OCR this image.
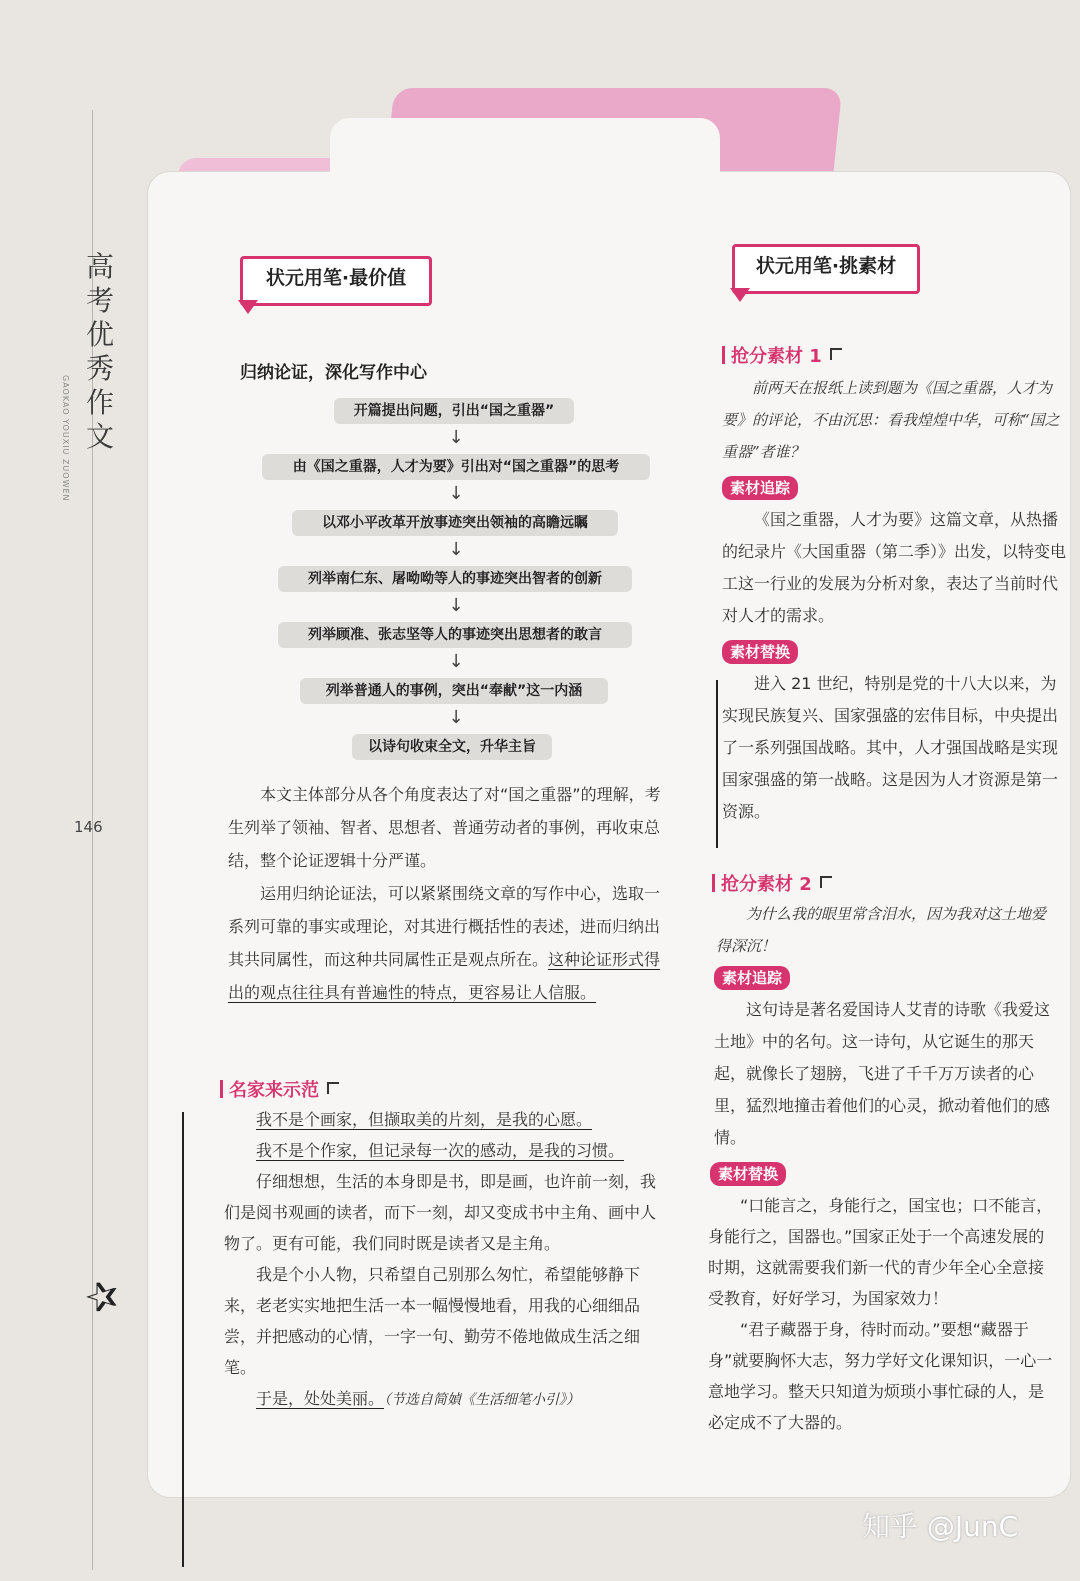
高考优秀作文
GAOKAO YOUXIU ZUOWEN
146
✰
状元用笔·最价值
归纳论证，深化写作中心
开篇提出问题，引出“国之重器”
↓
由《国之重器，人才为要》引出对“国之重器”的思考
↓
以邓小平改革开放事迹突出领袖的高瞻远瞩
↓
列举南仁东、屠呦呦等人的事迹突出智者的创新
↓
列举顾准、张志坚等人的事迹突出思想者的敢言
↓
列举普通人的事例，突出“奉献”这一内涵
↓
以诗句收束全文，升华主旨

本文主体部分从各个角度表达了对“国之重器”的理解，考生列举了领袖、智者、思想者、普通劳动者的事例，再收束总结，整个论证逻辑十分严谨。

运用归纳论证法，可以紧紧围绕文章的写作中心，选取一系列可靠的事实或理论，对其进行概括性的表述，进而归纳出其共同属性，而这种共同属性正是观点所在。这种论证形式得出的观点往往具有普遍性的特点，更容易让人信服。

名家来示范

我不是个画家，但撷取美的片刻，是我的心愿。

我不是个作家，但记录每一次的感动，是我的习惯。

仔细想想，生活的本身即是书，即是画，也许前一刻，我们是阅书观画的读者，而下一刻，却又变成书中主角、画中人物了。更有可能，我们同时既是读者又是主角。

我是个小人物，只希望自己别那么匆忙，希望能够静下来，老老实实地把生活一本一幅慢慢地看，用我的心细细品尝，并把感动的心情，一字一句、勤劳不倦地做成生活之细笔。

于是，处处美丽。（节选自简媜《生活细笔小引》）

状元用笔·挑素材
抢分素材 1
前两天在报纸上读到题为《国之重器，人才为要》的评论，不由沉思：看我煌煌中华，可称“国之重器”者谁？
素材追踪

《国之重器，人才为要》这篇文章，从热播的纪录片《大国重器（第二季）》出发，以特变电工这一行业的发展为分析对象，表达了当前时代对人才的需求。

素材替换

进入 21 世纪，特别是党的十八大以来，为实现民族复兴、国家强盛的宏伟目标，中央提出了一系列强国战略。其中，人才强国战略是实现国家强盛的第一战略。这是因为人才资源是第一资源。

抢分素材 2
为什么我的眼里常含泪水，因为我对这土地爱得深沉！
素材追踪

这句诗是著名爱国诗人艾青的诗歌《我爱这土地》中的名句。这一诗句，从它诞生的那天起，就像长了翅膀，飞进了千千万万读者的心里，猛烈地撞击着他们的心灵，掀动着他们的感情。

素材替换

“口能言之，身能行之，国宝也；口不能言，身能行之，国器也。”国家正处于一个高速发展的时期，这就需要我们新一代的青少年全心全意接受教育，好好学习，为国家效力！

“君子藏器于身，待时而动。”要想“藏器于身”就要胸怀大志，努力学好文化课知识，一心一意地学习。整天只知道为烦琐小事忙碌的人，是必定成不了大器的。

知乎 @JunC
